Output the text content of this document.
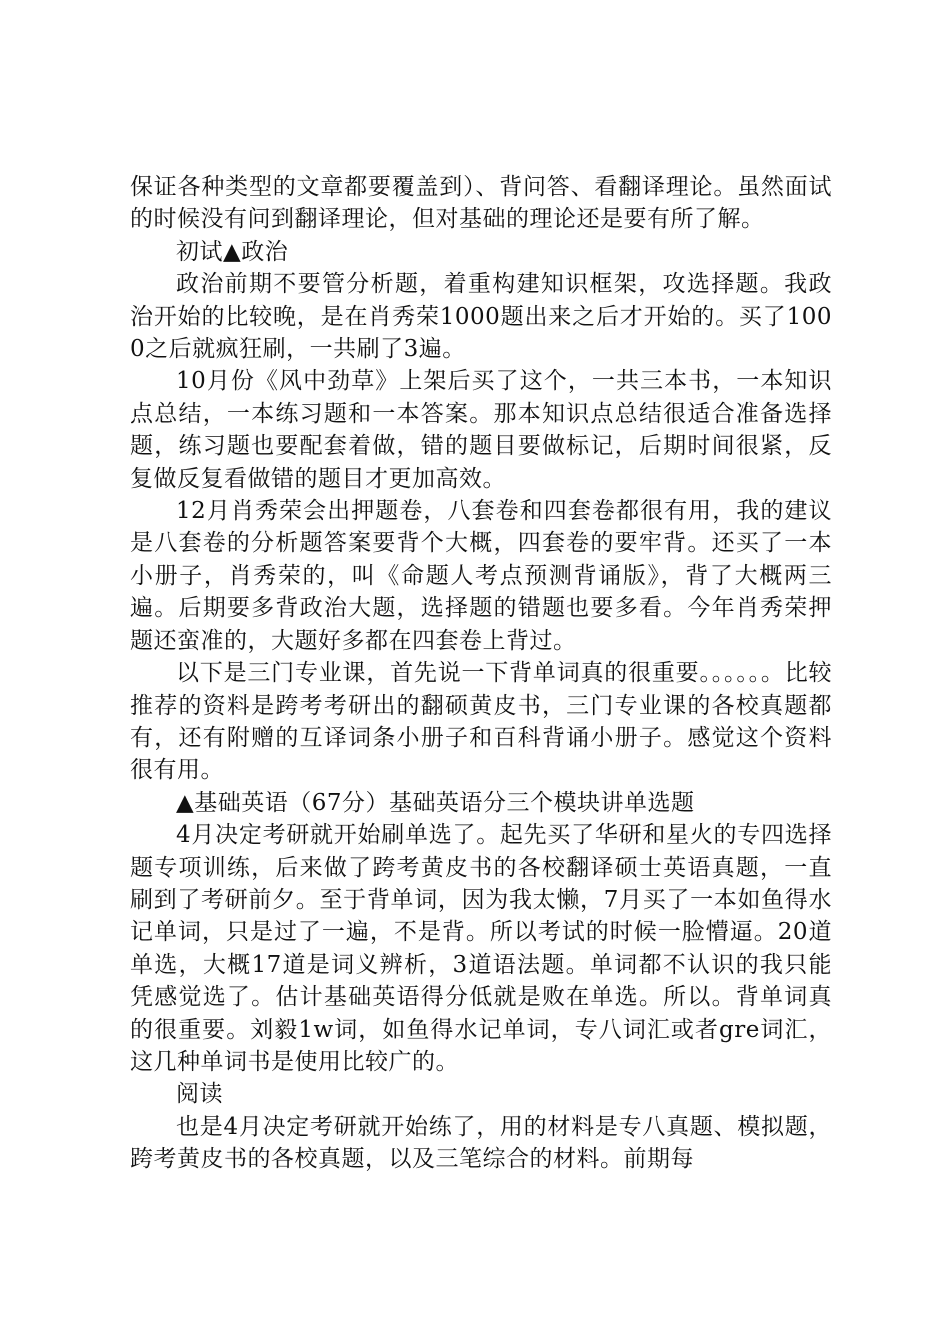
保证各种类型的文章都要覆盖到）、背问答、看翻译理论。虽然面试的时候没有问到翻译理论，但对基础的理论还是要有所了解。

初试▲政治

政治前期不要管分析题，着重构建知识框架，攻选择题。我政治开始的比较晚，是在肖秀荣1000题出来之后才开始的。买了1000之后就疯狂刷，一共刷了3遍。

10月份《风中劲草》上架后买了这个，一共三本书，一本知识点总结，一本练习题和一本答案。那本知识点总结很适合准备选择题，练习题也要配套着做，错的题目要做标记，后期时间很紧，反复做反复看做错的题目才更加高效。

12月肖秀荣会出押题卷，八套卷和四套卷都很有用，我的建议是八套卷的分析题答案要背个大概，四套卷的要牢背。还买了一本小册子，肖秀荣的，叫《命题人考点预测背诵版》，背了大概两三遍。后期要多背政治大题，选择题的错题也要多看。今年肖秀荣押题还蛮准的，大题好多都在四套卷上背过。

以下是三门专业课，首先说一下背单词真的很重要。。。。。。比较推荐的资料是跨考考研出的翻硕黄皮书，三门专业课的各校真题都有，还有附赠的互译词条小册子和百科背诵小册子。感觉这个资料很有用。

▲基础英语（67分）基础英语分三个模块讲单选题

4月决定考研就开始刷单选了。起先买了华研和星火的专四选择题专项训练，后来做了跨考黄皮书的各校翻译硕士英语真题，一直刷到了考研前夕。至于背单词，因为我太懒，7月买了一本如鱼得水记单词，只是过了一遍，不是背。所以考试的时候一脸懵逼。20道单选，大概17道是词义辨析，3道语法题。单词都不认识的我只能凭感觉选了。估计基础英语得分低就是败在单选。所以。背单词真的很重要。刘毅1w词，如鱼得水记单词，专八词汇或者gre词汇，这几种单词书是使用比较广的。

阅读

也是4月决定考研就开始练了，用的材料是专八真题、模拟题，跨考黄皮书的各校真题，以及三笔综合的材料。前期每
